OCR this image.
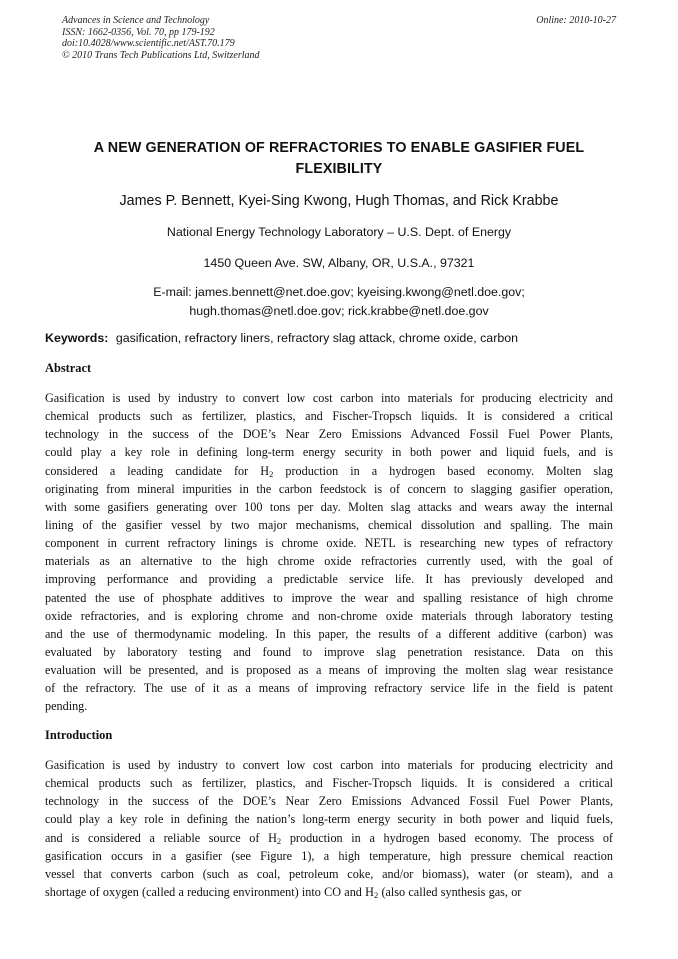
Advances in Science and Technology
ISSN: 1662-0356, Vol. 70, pp 179-192
doi:10.4028/www.scientific.net/AST.70.179
© 2010 Trans Tech Publications Ltd, Switzerland
Online: 2010-10-27
A NEW GENERATION OF REFRACTORIES TO ENABLE GASIFIER FUEL
FLEXIBILITY
James P. Bennett, Kyei-Sing Kwong, Hugh Thomas, and Rick Krabbe
National Energy Technology Laboratory – U.S. Dept. of Energy
1450 Queen Ave. SW, Albany, OR, U.S.A., 97321
E-mail: james.bennett@net.doe.gov; kyeising.kwong@netl.doe.gov;
hugh.thomas@netl.doe.gov; rick.krabbe@netl.doe.gov
Keywords: gasification, refractory liners, refractory slag attack, chrome oxide, carbon
Abstract
Gasification is used by industry to convert low cost carbon into materials for producing electricity and
chemical products such as fertilizer, plastics, and Fischer-Tropsch liquids. It is considered a critical
technology in the success of the DOE’s Near Zero Emissions Advanced Fossil Fuel Power Plants,
could play a key role in defining long-term energy security in both power and liquid fuels, and is
considered a leading candidate for $H_2$ production in a hydrogen based economy. Molten slag
originating from mineral impurities in the carbon feedstock is of concern to slagging gasifier operation,
with some gasifiers generating over 100 tons per day. Molten slag attacks and wears away the internal
lining of the gasifier vessel by two major mechanisms, chemical dissolution and spalling. The main
component in current refractory linings is chrome oxide. NETL is researching new types of refractory
materials as an alternative to the high chrome oxide refractories currently used, with the goal of
improving performance and providing a predictable service life. It has previously developed and
patented the use of phosphate additives to improve the wear and spalling resistance of high chrome
oxide refractories, and is exploring chrome and non-chrome oxide materials through laboratory testing
and the use of thermodynamic modeling. In this paper, the results of a different additive (carbon) was
evaluated by laboratory testing and found to improve slag penetration resistance. Data on this
evaluation will be presented, and is proposed as a means of improving the molten slag wear resistance
of the refractory. The use of it as a means of improving refractory service life in the field is patent
pending.
Introduction
Gasification is used by industry to convert low cost carbon into materials for producing electricity and
chemical products such as fertilizer, plastics, and Fischer-Tropsch liquids. It is considered a critical
technology in the success of the DOE’s Near Zero Emissions Advanced Fossil Fuel Power Plants,
could play a key role in defining the nation’s long-term energy security in both power and liquid fuels,
and is considered a reliable source of $H_2$ production in a hydrogen based economy. The process of
gasification occurs in a gasifier (see Figure 1), a high temperature, high pressure chemical reaction
vessel that converts carbon (such as coal, petroleum coke, and/or biomass), water (or steam), and a
shortage of oxygen (called a reducing environment) into CO and $H_2$ (also called synthesis gas, or
